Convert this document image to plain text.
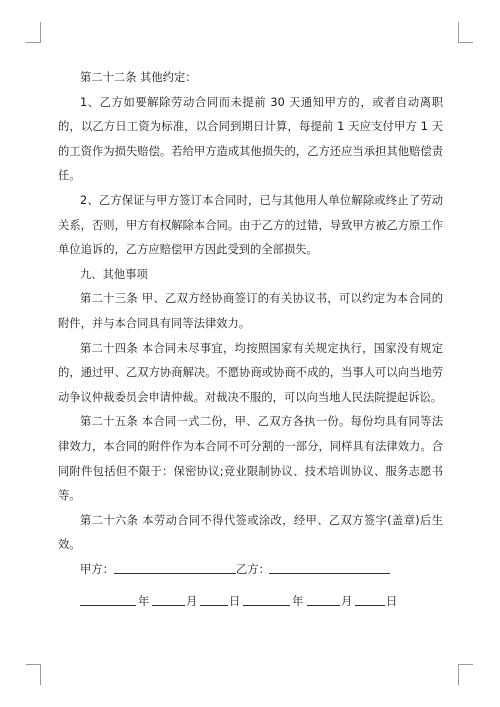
第二十二条 其他约定：

1、乙方如要解除劳动合同而未提前 30 天通知甲方的，或者自动离职的，以乙方日工资为标准，以合同到期日计算，每提前 1 天应支付甲方 1 天的工资作为损失赔偿。若给甲方造成其他损失的，乙方还应当承担其他赔偿责任。

2、乙方保证与甲方签订本合同时，已与其他用人单位解除或终止了劳动关系，否则，甲方有权解除本合同。由于乙方的过错，导致甲方被乙方原工作单位追诉的，乙方应赔偿甲方因此受到的全部损失。

九、其他事项

第二十三条 甲、乙双方经协商签订的有关协议书，可以约定为本合同的附件，并与本合同具有同等法律效力。

第二十四条 本合同未尽事宜，均按照国家有关规定执行，国家没有规定的，通过甲、乙双方协商解决。不愿协商或协商不成的，当事人可以向当地劳动争议仲裁委员会申请仲裁。对裁决不服的，可以向当地人民法院提起诉讼。

第二十五条 本合同一式二份，甲、乙双方各执一份。每份均具有同等法律效力，本合同的附件作为本合同不可分割的一部分，同样具有法律效力。合同附件包括但不限于：保密协议;竞业限制协议、技术培训协议、服务志愿书等。

第二十六条 本劳动合同不得代签或涂改，经甲、乙双方签字(盖章)后生效。

甲方：	乙方：
年	月	日	年	月	日
